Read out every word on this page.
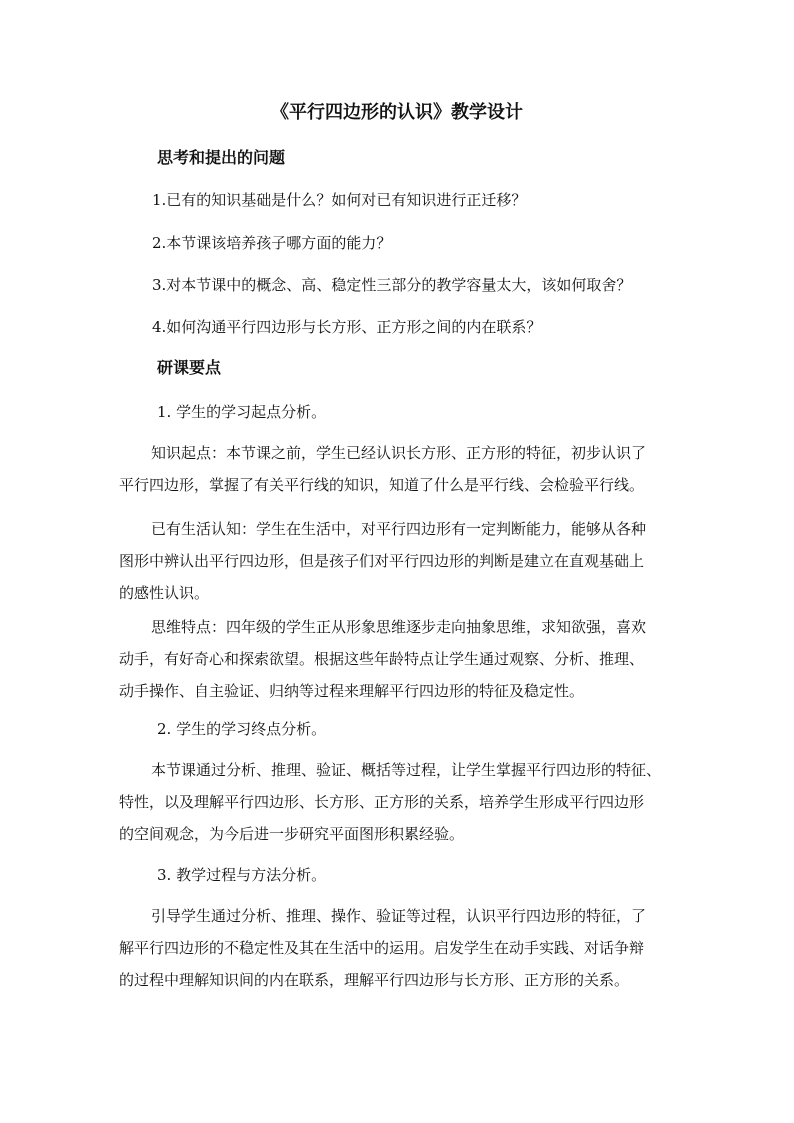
《平行四边形的认识》教学设计
思考和提出的问题
1.已有的知识基础是什么？如何对已有知识进行正迁移？
2.本节课该培养孩子哪方面的能力？
3.对本节课中的概念、高、稳定性三部分的教学容量太大，该如何取舍？
4.如何沟通平行四边形与长方形、正方形之间的内在联系？
研课要点
1. 学生的学习起点分析。
知识起点：本节课之前，学生已经认识长方形、正方形的特征，初步认识了
平行四边形，掌握了有关平行线的知识，知道了什么是平行线、会检验平行线。
已有生活认知：学生在生活中，对平行四边形有一定判断能力，能够从各种
图形中辨认出平行四边形，但是孩子们对平行四边形的判断是建立在直观基础上
的感性认识。
思维特点：四年级的学生正从形象思维逐步走向抽象思维，求知欲强，喜欢
动手，有好奇心和探索欲望。根据这些年龄特点让学生通过观察、分析、推理、
动手操作、自主验证、归纳等过程来理解平行四边形的特征及稳定性。
2. 学生的学习终点分析。
本节课通过分析、推理、验证、概括等过程，让学生掌握平行四边形的特征、
特性，以及理解平行四边形、长方形、正方形的关系，培养学生形成平行四边形
的空间观念，为今后进一步研究平面图形积累经验。
3. 教学过程与方法分析。
引导学生通过分析、推理、操作、验证等过程，认识平行四边形的特征，了
解平行四边形的不稳定性及其在生活中的运用。启发学生在动手实践、对话争辩
的过程中理解知识间的内在联系，理解平行四边形与长方形、正方形的关系。
